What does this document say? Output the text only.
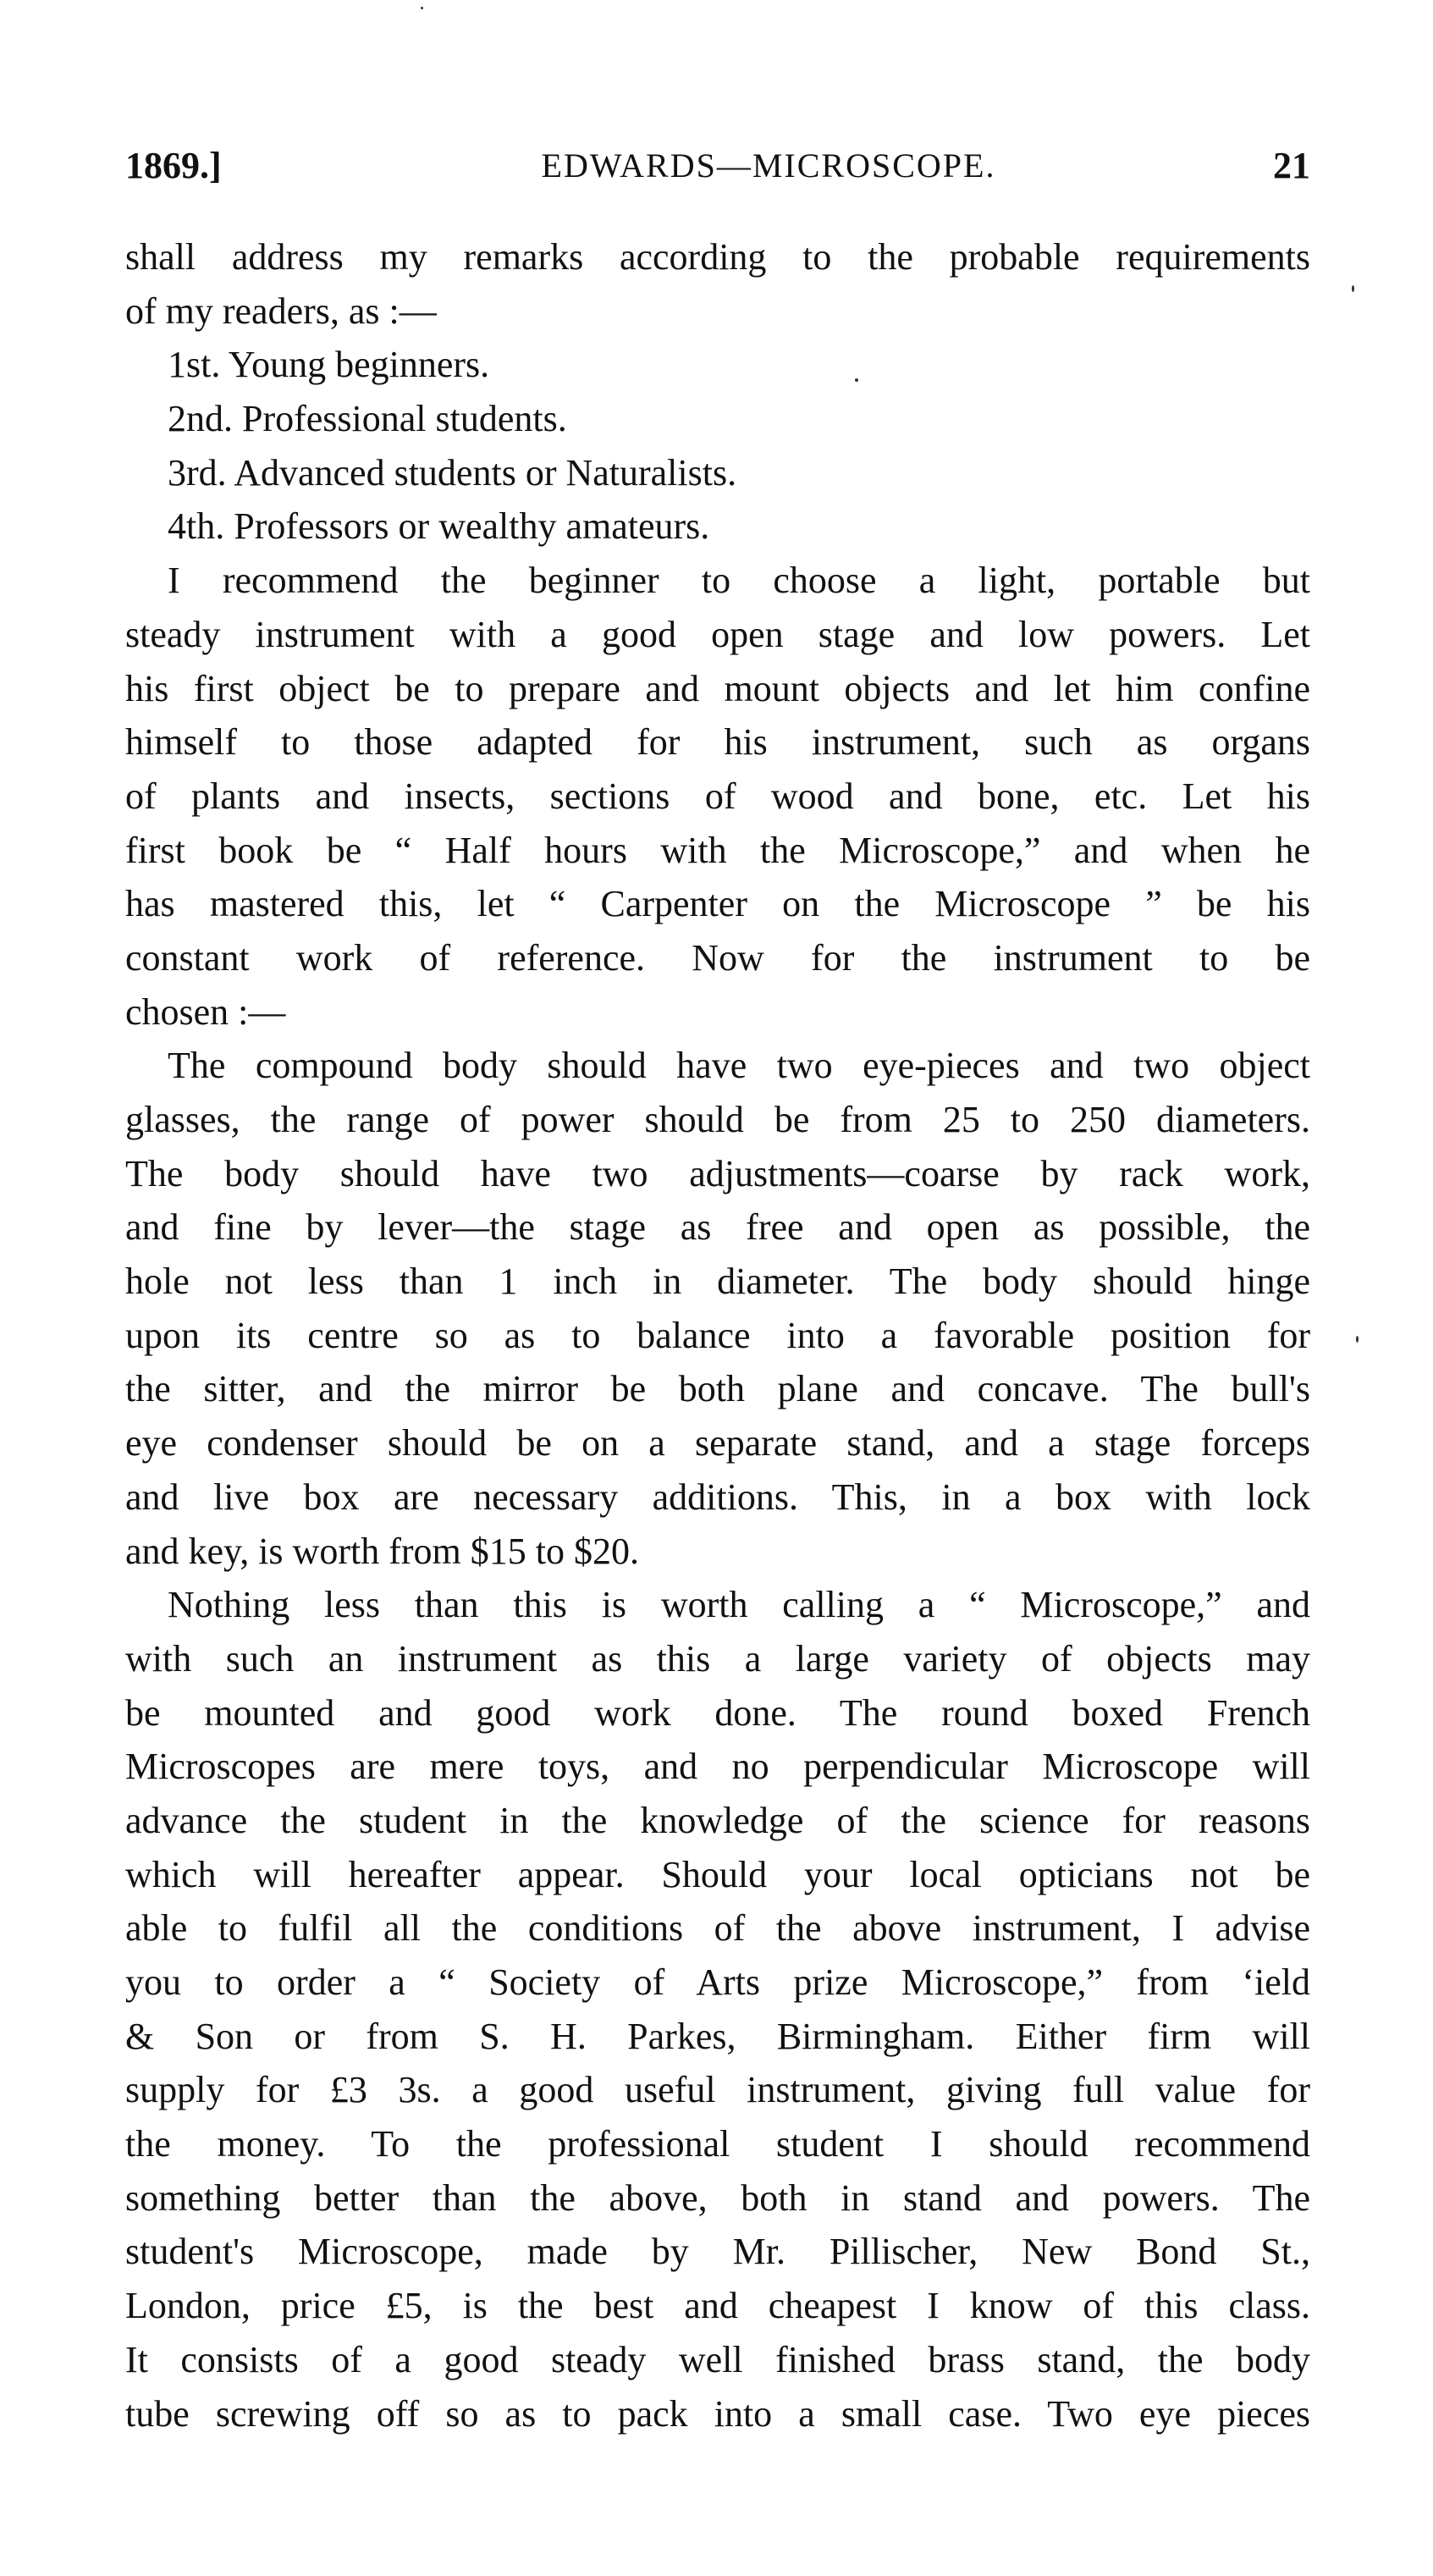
1869.]	EDWARDS—MICROSCOPE.	21
shall address my remarks according to the probable requirements
of my readers, as :—
1st. Young beginners.
2nd. Professional students.
3rd. Advanced students or Naturalists.
4th. Professors or wealthy amateurs.
I recommend the beginner to choose a light, portable but
steady instrument with a good open stage and low powers. Let
his first object be to prepare and mount objects and let him confine
himself to those adapted for his instrument, such as organs
of plants and insects, sections of wood and bone, etc. Let his
first book be “ Half hours with the Microscope,” and when he
has mastered this, let “ Carpenter on the Microscope ” be his
constant work of reference. Now for the instrument to be
chosen :—
The compound body should have two eye-pieces and two object
glasses, the range of power should be from 25 to 250 diameters.
The body should have two adjustments—coarse by rack work,
and fine by lever—the stage as free and open as possible, the
hole not less than 1 inch in diameter. The body should hinge
upon its centre so as to balance into a favorable position for
the sitter, and the mirror be both plane and concave. The bull's
eye condenser should be on a separate stand, and a stage forceps
and live box are necessary additions. This, in a box with lock
and key, is worth from $15 to $20.
Nothing less than this is worth calling a “ Microscope,” and
with such an instrument as this a large variety of objects may
be mounted and good work done. The round boxed French
Microscopes are mere toys, and no perpendicular Microscope will
advance the student in the knowledge of the science for reasons
which will hereafter appear. Should your local opticians not be
able to fulfil all the conditions of the above instrument, I advise
you to order a “ Society of Arts prize Microscope,” from ‘ield
& Son or from S. H. Parkes, Birmingham. Either firm will
supply for £3 3s. a good useful instrument, giving full value for
the money. To the professional student I should recommend
something better than the above, both in stand and powers. The
student's Microscope, made by Mr. Pillischer, New Bond St.,
London, price £5, is the best and cheapest I know of this class.
It consists of a good steady well finished brass stand, the body
tube screwing off so as to pack into a small case. Two eye pieces
